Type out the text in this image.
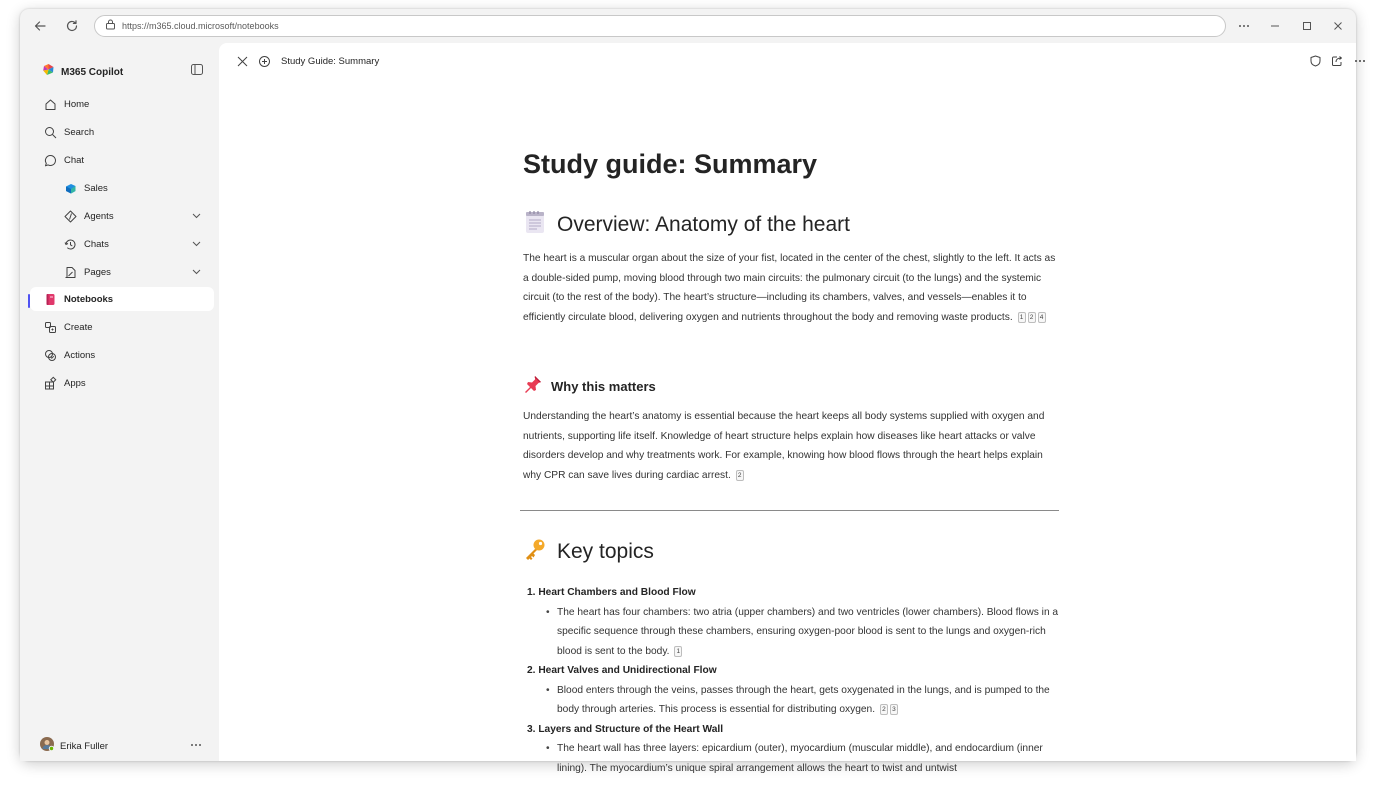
https://m365.cloud.microsoft/notebooks
M365 Copilot
Home
Search
Chat
Sales
Agents
Chats
Pages
Notebooks
Create
Actions
Apps
Erika Fuller
Study Guide: Summary
Study guide: Summary
Overview: Anatomy of the heart
The heart is a muscular organ about the size of your fist, located in the center of the chest, slightly to the left. It acts as a double-sided pump, moving blood through two main circuits: the pulmonary circuit (to the lungs) and the systemic circuit (to the rest of the body). The heart’s structure—including its chambers, valves, and vessels—enables it to efficiently circulate blood, delivering oxygen and nutrients throughout the body and removing waste products. 1 2 4
Why this matters
Understanding the heart’s anatomy is essential because the heart keeps all body systems supplied with oxygen and nutrients, supporting life itself. Knowledge of heart structure helps explain how diseases like heart attacks or valve disorders develop and why treatments work. For example, knowing how blood flows through the heart helps explain why CPR can save lives during cardiac arrest. 2
Key topics
1. Heart Chambers and Blood Flow
• The heart has four chambers: two atria (upper chambers) and two ventricles (lower chambers). Blood flows in a specific sequence through these chambers, ensuring oxygen-poor blood is sent to the lungs and oxygen-rich blood is sent to the body. 1
2. Heart Valves and Unidirectional Flow
• Blood enters through the veins, passes through the heart, gets oxygenated in the lungs, and is pumped to the body through arteries. This process is essential for distributing oxygen. 2 3
3. Layers and Structure of the Heart Wall
• The heart wall has three layers: epicardium (outer), myocardium (muscular middle), and endocardium (inner lining). The myocardium’s unique spiral arrangement allows the heart to twist and untwist
